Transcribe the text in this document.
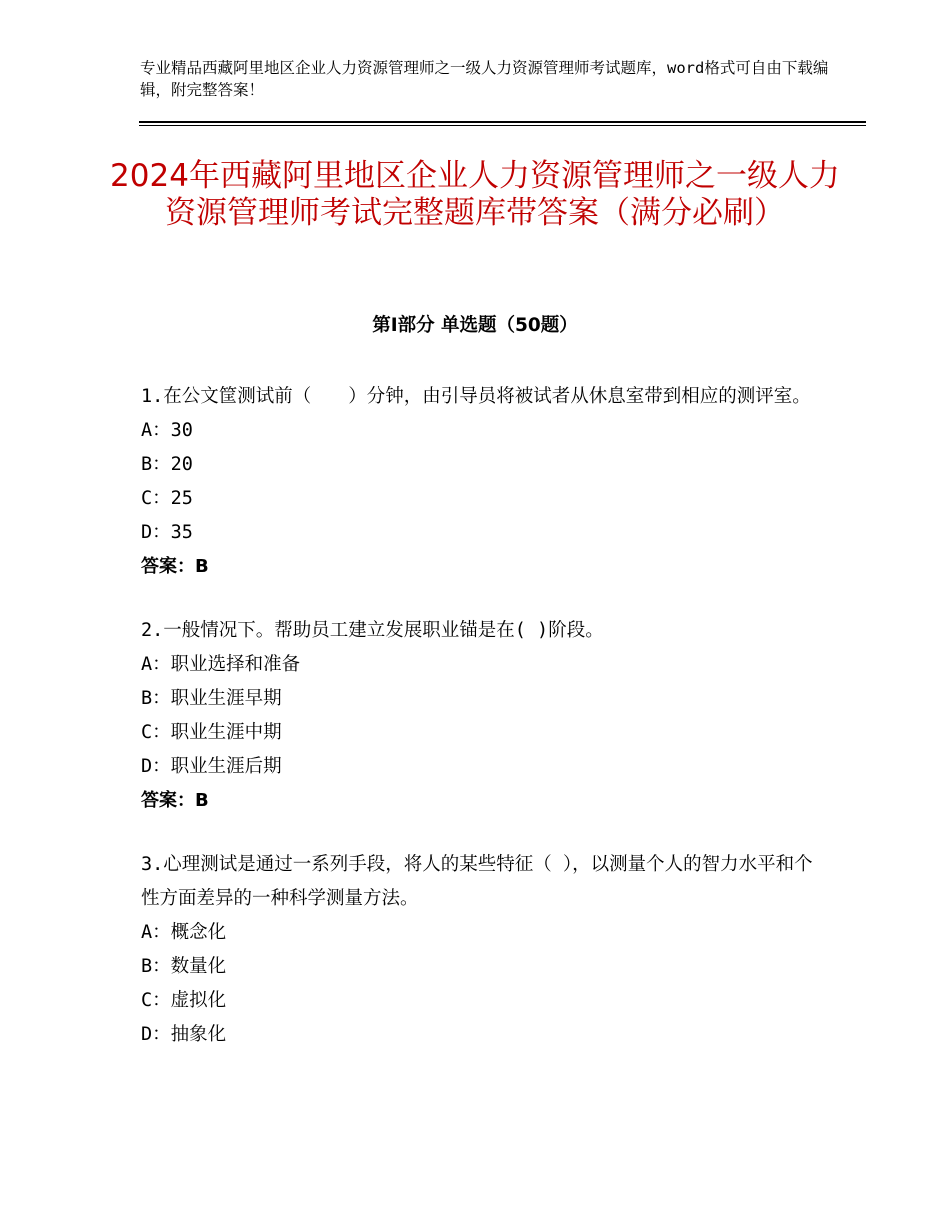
专业精品西藏阿里地区企业人力资源管理师之一级人力资源管理师考试题库，word格式可自由下载编辑，附完整答案！
2024年西藏阿里地区企业人力资源管理师之一级人力资源管理师考试完整题库带答案（满分必刷）
第Ⅰ部分 单选题（50题）
1.在公文筐测试前（　　）分钟，由引导员将被试者从休息室带到相应的测评室。
A：30
B：20
C：25
D：35
答案：B
2.一般情况下。帮助员工建立发展职业锚是在( )阶段。
A：职业选择和准备
B：职业生涯早期
C：职业生涯中期
D：职业生涯后期
答案：B
3.心理测试是通过一系列手段，将人的某些特征（ ），以测量个人的智力水平和个性方面差异的一种科学测量方法。
A：概念化
B：数量化
C：虚拟化
D：抽象化
